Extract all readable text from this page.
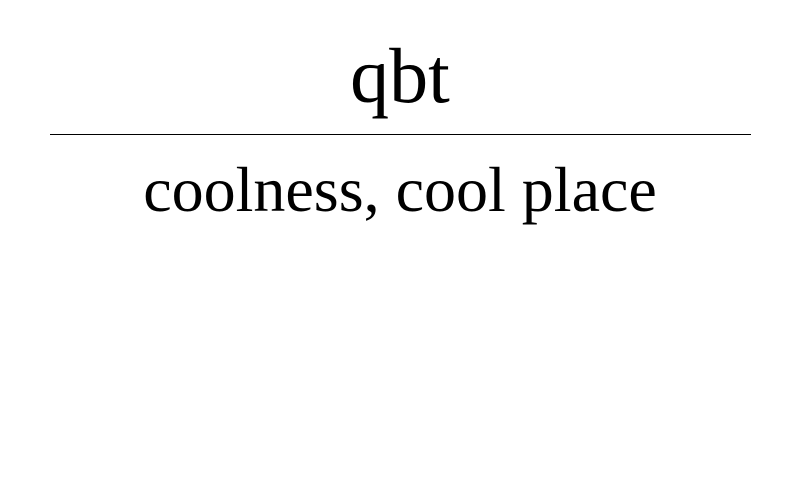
qbt
coolness, cool place
